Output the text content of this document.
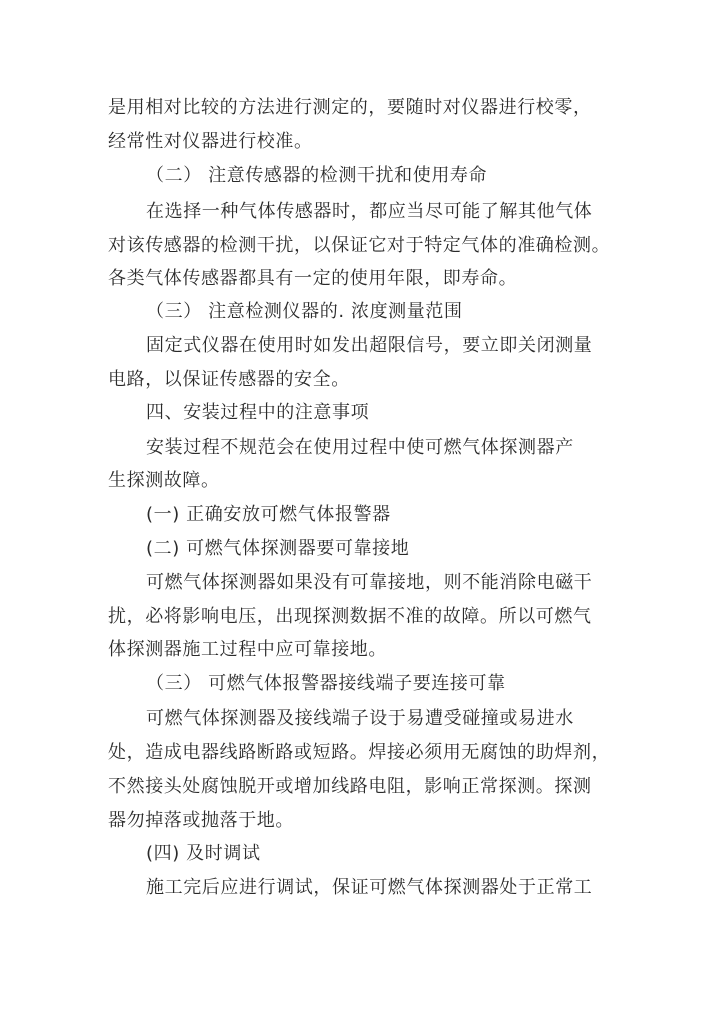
是用相对比较的方法进行测定的，要随时对仪器进行校零，
经常性对仪器进行校准。
（二） 注意传感器的检测干扰和使用寿命
在选择一种气体传感器时，都应当尽可能了解其他气体
对该传感器的检测干扰，以保证它对于特定气体的准确检测。
各类气体传感器都具有一定的使用年限，即寿命。
（三） 注意检测仪器的. 浓度测量范围
固定式仪器在使用时如发出超限信号，要立即关闭测量
电路，以保证传感器的安全。
四、安装过程中的注意事项
安装过程不规范会在使用过程中使可燃气体探测器产
生探测故障。
(一) 正确安放可燃气体报警器
(二) 可燃气体探测器要可靠接地
可燃气体探测器如果没有可靠接地，则不能消除电磁干
扰，必将影响电压，出现探测数据不准的故障。所以可燃气
体探测器施工过程中应可靠接地。
（三） 可燃气体报警器接线端子要连接可靠
可燃气体探测器及接线端子设于易遭受碰撞或易进水
处，造成电器线路断路或短路。焊接必须用无腐蚀的助焊剂，
不然接头处腐蚀脱开或增加线路电阻，影响正常探测。探测
器勿掉落或抛落于地。
(四) 及时调试
施工完后应进行调试，保证可燃气体探测器处于正常工
